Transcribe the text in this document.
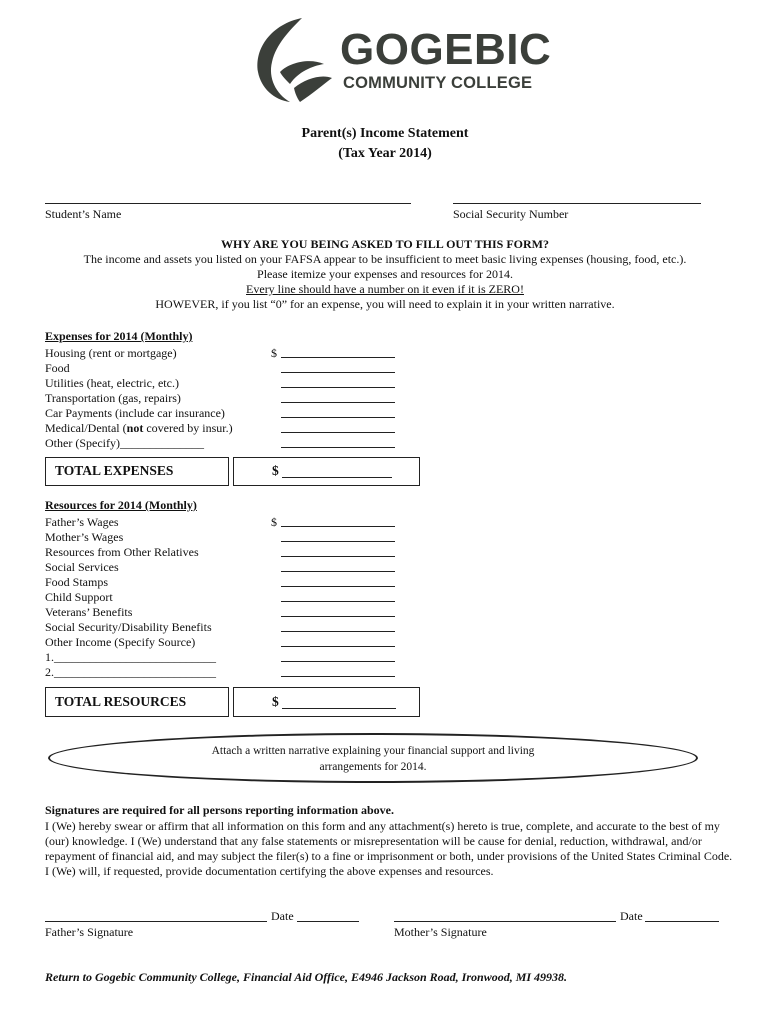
GOGEBIC
COMMUNITY COLLEGE
Parent(s) Income Statement
(Tax Year 2014)
Student’s Name	Social Security Number
WHY ARE YOU BEING ASKED TO FILL OUT THIS FORM?
The income and assets you listed on your FAFSA appear to be insufficient to meet basic living expenses (housing, food, etc.).
Please itemize your expenses and resources for 2014.
Every line should have a number on it even if it is ZERO!
HOWEVER, if you list “0” for an expense, you will need to explain it in your written narrative.
Expenses for 2014 (Monthly)
Housing (rent or mortgage)	$
Food
Utilities (heat, electric, etc.)
Transportation (gas, repairs)
Car Payments (include car insurance)
Medical/Dental (not covered by insur.)
Other (Specify)______________
TOTAL EXPENSES	$
Resources for 2014 (Monthly)
Father’s Wages	$
Mother’s Wages
Resources from Other Relatives
Social Services
Food Stamps
Child Support
Veterans’ Benefits
Social Security/Disability Benefits
Other Income (Specify Source)
1.___________________________
2.___________________________
TOTAL RESOURCES	$
Attach a written narrative explaining your financial support and living
arrangements for 2014.
Signatures are required for all persons reporting information above.
I (We) hereby swear or affirm that all information on this form and any attachment(s) hereto is true, complete, and accurate to the best of my (our) knowledge. I (We) understand that any false statements or misrepresentation will be cause for denial, reduction, withdrawal, and/or repayment of financial aid, and may subject the filer(s) to a fine or imprisonment or both, under provisions of the United States Criminal Code. I (We) will, if requested, provide documentation certifying the above expenses and resources.
Date	Date
Father’s Signature	Mother’s Signature
Return to Gogebic Community College, Financial Aid Office, E4946 Jackson Road, Ironwood, MI 49938.
